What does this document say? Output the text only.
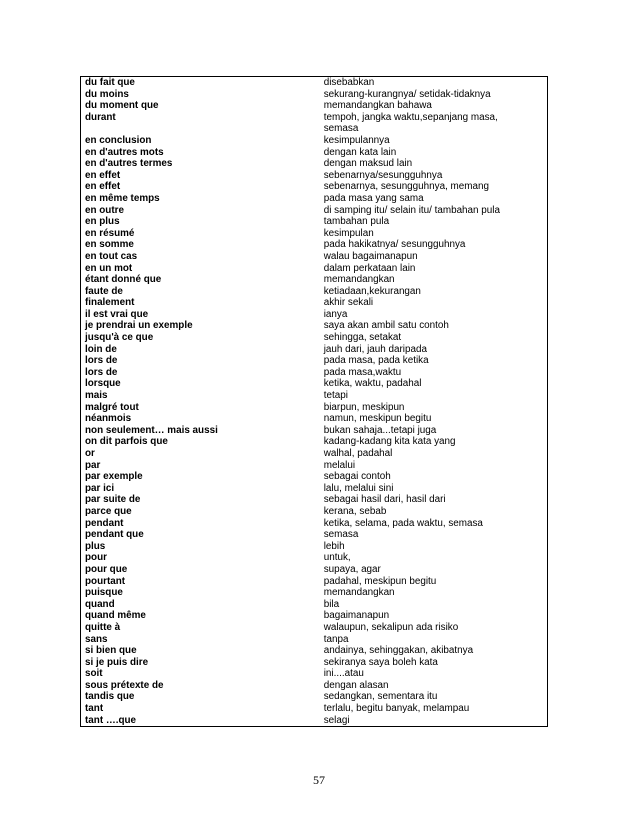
du fait que	disebabkan
du moins	sekurang-kurangnya/ setidak-tidaknya
du moment que	memandangkan bahawa
durant	tempoh, jangka waktu,sepanjang masa,
	semasa
en conclusion	kesimpulannya
en d'autres mots	dengan kata lain
en d'autres termes	dengan maksud lain
en effet	sebenarnya/sesungguhnya
en effet	sebenarnya, sesungguhnya, memang
en même temps	pada masa yang sama
en outre	di samping itu/ selain itu/ tambahan pula
en plus	tambahan pula
en résumé	kesimpulan
en somme	pada hakikatnya/ sesungguhnya
en tout cas	walau bagaimanapun
en un mot	dalam perkataan lain
étant donné que	memandangkan
faute de	ketiadaan,kekurangan
finalement	akhir sekali
il est vrai que	ianya
je prendrai un exemple	saya akan ambil satu contoh
jusqu'à ce que	sehingga, setakat
loin de	jauh dari, jauh daripada
lors de	pada masa, pada ketika
lors de	pada masa,waktu
lorsque	ketika, waktu, padahal
mais	tetapi
malgré tout	biarpun, meskipun
néanmois	namun, meskipun begitu
non seulement… mais aussi	bukan sahaja...tetapi juga
on dit parfois que	kadang-kadang kita kata yang
or	walhal, padahal
par	melalui
par exemple	sebagai contoh
par ici	lalu, melalui sini
par suite de	sebagai hasil dari, hasil dari
parce que	kerana, sebab
pendant	ketika, selama, pada waktu, semasa
pendant que	semasa
plus	lebih
pour	untuk,
pour que	supaya, agar
pourtant	padahal, meskipun begitu
puisque	memandangkan
quand	bila
quand même	bagaimanapun
quitte à	walaupun, sekalipun ada risiko
sans	tanpa
si bien que	andainya, sehinggakan, akibatnya
si je puis dire	sekiranya saya boleh kata
soit	ini....atau
sous prétexte de	dengan alasan
tandis que	sedangkan, sementara itu
tant	terlalu, begitu banyak, melampau
tant ….que	selagi
57
